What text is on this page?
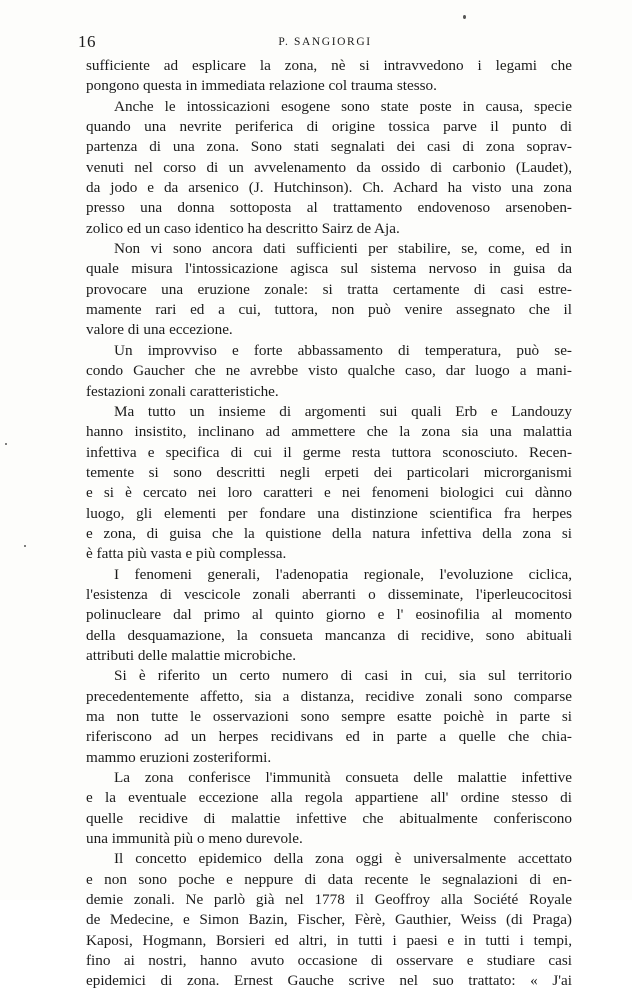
16	P. SANGIORGI
sufficiente ad esplicare la zona, nè si intravvedono i legami che
pongono questa in immediata relazione col trauma stesso.
Anche le intossicazioni esogene sono state poste in causa, specie
quando una nevrite periferica di origine tossica parve il punto di
partenza di una zona. Sono stati segnalati dei casi di zona soprav-
venuti nel corso di un avvelenamento da ossido di carbonio (Laudet),
da jodo e da arsenico (J. Hutchinson). Ch. Achard ha visto una zona
presso una donna sottoposta al trattamento endovenoso arsenoben-
zolico ed un caso identico ha descritto Sairz de Aja.
Non vi sono ancora dati sufficienti per stabilire, se, come, ed in
quale misura l'intossicazione agisca sul sistema nervoso in guisa da
provocare una eruzione zonale: si tratta certamente di casi estre-
mamente rari ed a cui, tuttora, non può venire assegnato che il
valore di una eccezione.
Un improvviso e forte abbassamento di temperatura, può se-
condo Gaucher che ne avrebbe visto qualche caso, dar luogo a mani-
festazioni zonali caratteristiche.
Ma tutto un insieme di argomenti sui quali Erb e Landouzy
hanno insistito, inclinano ad ammettere che la zona sia una malattia
infettiva e specifica di cui il germe resta tuttora sconosciuto. Recen-
temente si sono descritti negli erpeti dei particolari microrganismi
e si è cercato nei loro caratteri e nei fenomeni biologici cui dànno
luogo, gli elementi per fondare una distinzione scientifica fra herpes
e zona, di guisa che la quistione della natura infettiva della zona si
è fatta più vasta e più complessa.
I fenomeni generali, l'adenopatia regionale, l'evoluzione ciclica,
l'esistenza di vescicole zonali aberranti o disseminate, l'iperleucocitosi
polinucleare dal primo al quinto giorno e l' eosinofilia al momento
della desquamazione, la consueta mancanza di recidive, sono abituali
attributi delle malattie microbiche.
Si è riferito un certo numero di casi in cui, sia sul territorio
precedentemente affetto, sia a distanza, recidive zonali sono comparse
ma non tutte le osservazioni sono sempre esatte poichè in parte si
riferiscono ad un herpes recidivans ed in parte a quelle che chia-
mammo eruzioni zosteriformi.
La zona conferisce l'immunità consueta delle malattie infettive
e la eventuale eccezione alla regola appartiene all' ordine stesso di
quelle recidive di malattie infettive che abitualmente conferiscono
una immunità più o meno durevole.
Il concetto epidemico della zona oggi è universalmente accettato
e non sono poche e neppure di data recente le segnalazioni di en-
demie zonali. Ne parlò già nel 1778 il Geoffroy alla Société Royale
de Medecine, e Simon Bazin, Fischer, Fèrè, Gauthier, Weiss (di Praga)
Kaposi, Hogmann, Borsieri ed altri, in tutti i paesi e in tutti i tempi,
fino ai nostri, hanno avuto occasione di osservare e studiare casi
epidemici di zona. Ernest Gauche scrive nel suo trattato: « J'ai
